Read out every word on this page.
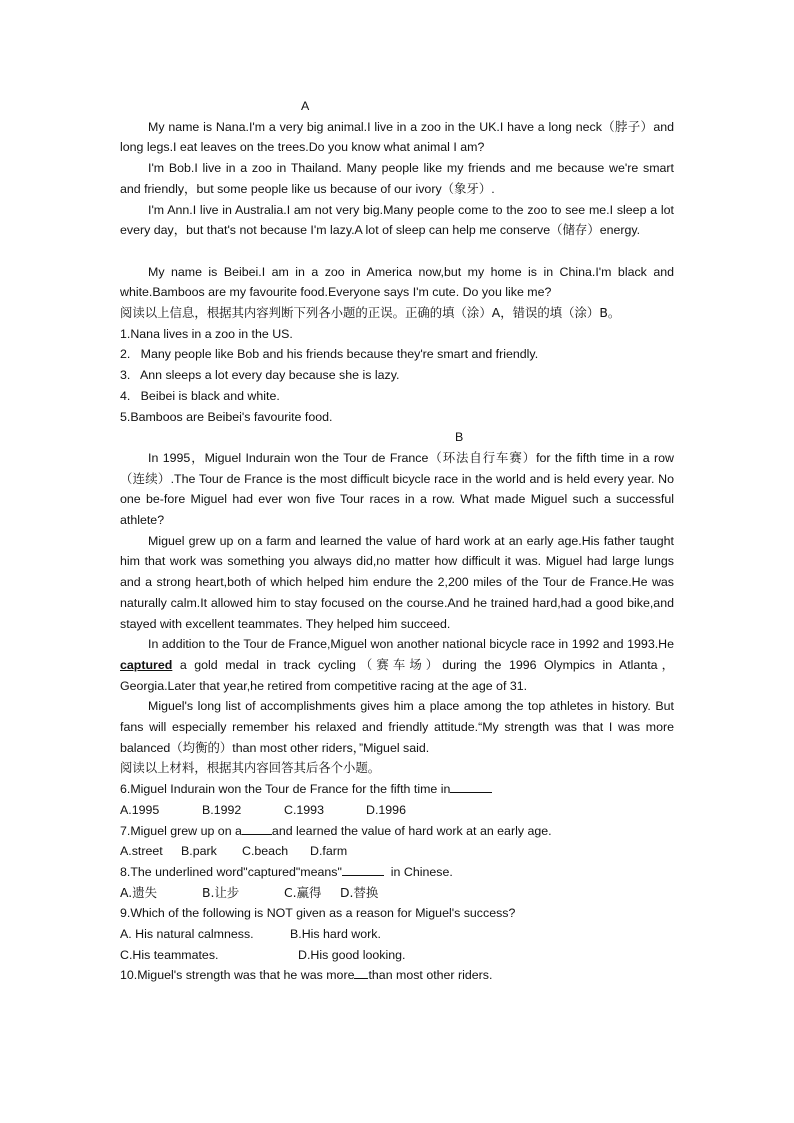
A

My name is Nana.I'm a very big animal.I live in a zoo in the UK.I have a long neck（脖子）and long legs.I eat leaves on the trees.Do you know what animal I am?

I'm Bob.I live in a zoo in Thailand. Many people like my friends and me because we're smart and friendly，but some people like us because of our ivory（象牙）.

I'm Ann.I live in Australia.I am not very big.Many people come to the zoo to see me.I sleep a lot every day，but that's not because I'm lazy.A lot of sleep can help me conserve（储存）energy.

My name is Beibei.I am in a zoo in America now,but my home is in China.I'm black and white.Bamboos are my favourite food.Everyone says I'm cute. Do you like me?

阅读以上信息，根据其内容判断下列各小题的正误。正确的填（涂）A，错误的填（涂）B。

1.Nana lives in a zoo in the US.

2.   Many people like Bob and his friends because they're smart and friendly.

3.   Ann sleeps a lot every day because she is lazy.

4.   Beibei is black and white.

5.Bamboos are Beibei's favourite food.

B

In 1995，Miguel Indurain won the Tour de France（环法自行车赛）for the fifth time in a row（连续）.The Tour de France is the most difficult bicycle race in the world and is held every year. No one be-fore Miguel had ever won five Tour races in a row. What made Miguel such a successful athlete?

Miguel grew up on a farm and learned the value of hard work at an early age.His father taught him that work was something you always did,no matter how difficult it was. Miguel had large lungs and a strong heart,both of which helped him endure the 2,200 miles of the Tour de France.He was naturally calm.It allowed him to stay focused on the course.And he trained hard,had a good bike,and stayed with excellent teammates. They helped him succeed.

In addition to the Tour de France,Miguel won another national bicycle race in 1992 and 1993.He captured a gold medal in track cycling（赛车场）during the 1996 Olympics in Atlanta，Georgia.Later that year,he retired from competitive racing at the age of 31.

Miguel's long list of accomplishments gives him a place among the top athletes in history. But fans will especially remember his relaxed and friendly attitude.“My strength was that I was more balanced（均衡的）than most other riders，”Miguel said.

阅读以上材料，根据其内容回答其后各个小题。

6.Miguel Indurain won the Tour de France for the fifth time in

A.1995	B.1992	C.1993	D.1996

7.Miguel grew up on a and learned the value of hard work at an early age.

A.street B.park C.beach D.farm

8.The underlined word"captured"means"	in Chinese.

A.遗失	B.让步	C.赢得 D.替换

9.Which of the following is NOT given as a reason for Miguel's success?

A. His natural calmness.	B.His hard work.

C.His teammates.	D.His good looking.

10.Miguel's strength was that he was more than most other riders.
